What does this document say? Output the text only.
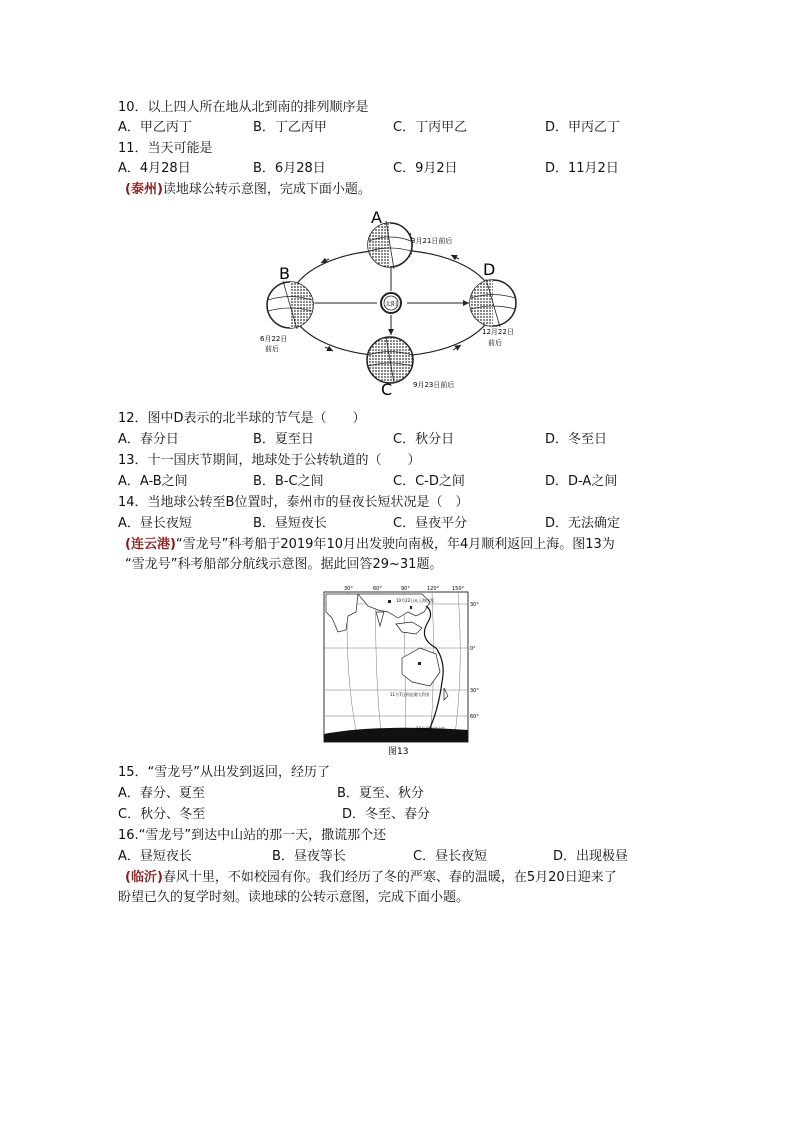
10．以上四人所在地从北到南的排列顺序是
A．甲乙丙丁	B．丁乙丙甲	C．丁丙甲乙	D．甲丙乙丁
11．当天可能是
A．4月28日	B．6月28日	C．9月2日	D．11月2日
(泰州)读地球公转示意图，完成下面小题。
太阳
A
3月21日前后
B
6月22日
前后
D
12月22日
前后
C	9月23日前后
12．图中D表示的北半球的节气是（　　）
A．春分日	B．夏至日	C．秋分日	D．冬至日
13．十一国庆节期间，地球处于公转轨道的（　　）
A．A-B之间	B．B-C之间	C．C-D之间	D．D-A之间
14．当地球公转至B位置时，泰州市的昼夜长短状况是（　）
A．昼长夜短	B．昼短夜长	C．昼夜平分	D．无法确定
(连云港)“雪龙号”科考船于2019年10月出发驶向南极，年4月顺利返回上海。图13为
“雪龙号”科考船部分航线示意图。据此回答29~31题。
30°	60°	90°	120°	150°
10月22日从上海出发
11月7日到达澳大利亚
12月到达中山站
30°
0°
30°
60°
图13
15．“雪龙号”从出发到返回，经历了
A．春分、夏至	B．夏至、秋分
C．秋分、冬至	D．冬至、春分
16.“雪龙号”到达中山站的那一天，撒谎那个还
A．昼短夜长	B．昼夜等长	C．昼长夜短	D．出现极昼
(临沂)春风十里，不如校园有你。我们经历了冬的严寒、春的温暖，在5月20日迎来了
盼望已久的复学时刻。读地球的公转示意图，完成下面小题。
